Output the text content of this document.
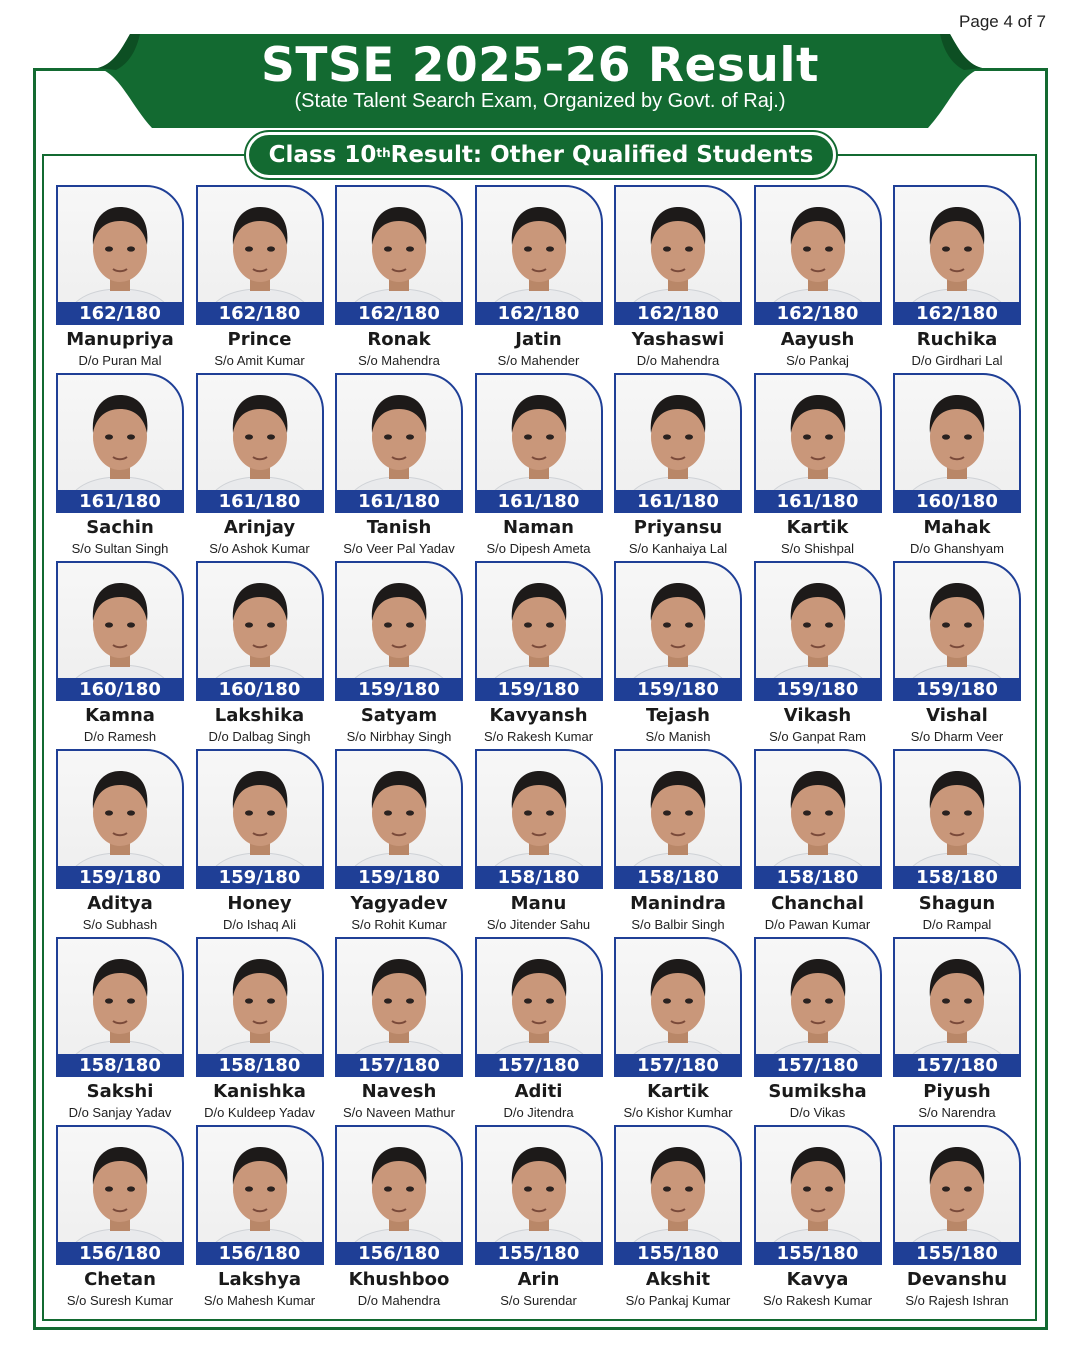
Page 4 of 7
STSE 2025-26 Result
(State Talent Search Exam, Organized by Govt. of Raj.)
Class 10th Result: Other Qualified Students
162/180
Manupriya
D/o Puran Mal
162/180
Prince
S/o Amit Kumar
162/180
Ronak
S/o Mahendra
162/180
Jatin
S/o Mahender
162/180
Yashaswi
D/o Mahendra
162/180
Aayush
S/o Pankaj
162/180
Ruchika
D/o Girdhari Lal
161/180
Sachin
S/o Sultan Singh
161/180
Arinjay
S/o Ashok Kumar
161/180
Tanish
S/o Veer Pal Yadav
161/180
Naman
S/o Dipesh Ameta
161/180
Priyansu
S/o Kanhaiya Lal
161/180
Kartik
S/o Shishpal
160/180
Mahak
D/o Ghanshyam
160/180
Kamna
D/o Ramesh
160/180
Lakshika
D/o Dalbag Singh
159/180
Satyam
S/o Nirbhay Singh
159/180
Kavyansh
S/o Rakesh Kumar
159/180
Tejash
S/o Manish
159/180
Vikash
S/o Ganpat Ram
159/180
Vishal
S/o Dharm Veer
159/180
Aditya
S/o Subhash
159/180
Honey
D/o Ishaq Ali
159/180
Yagyadev
S/o Rohit Kumar
158/180
Manu
S/o Jitender Sahu
158/180
Manindra
S/o Balbir Singh
158/180
Chanchal
D/o Pawan Kumar
158/180
Shagun
D/o Rampal
158/180
Sakshi
D/o Sanjay Yadav
158/180
Kanishka
D/o Kuldeep Yadav
157/180
Navesh
S/o Naveen Mathur
157/180
Aditi
D/o Jitendra
157/180
Kartik
S/o Kishor Kumhar
157/180
Sumiksha
D/o Vikas
157/180
Piyush
S/o Narendra
156/180
Chetan
S/o Suresh Kumar
156/180
Lakshya
S/o Mahesh Kumar
156/180
Khushboo
D/o Mahendra
155/180
Arin
S/o Surendar
155/180
Akshit
S/o Pankaj Kumar
155/180
Kavya
S/o Rakesh Kumar
155/180
Devanshu
S/o Rajesh Ishran
